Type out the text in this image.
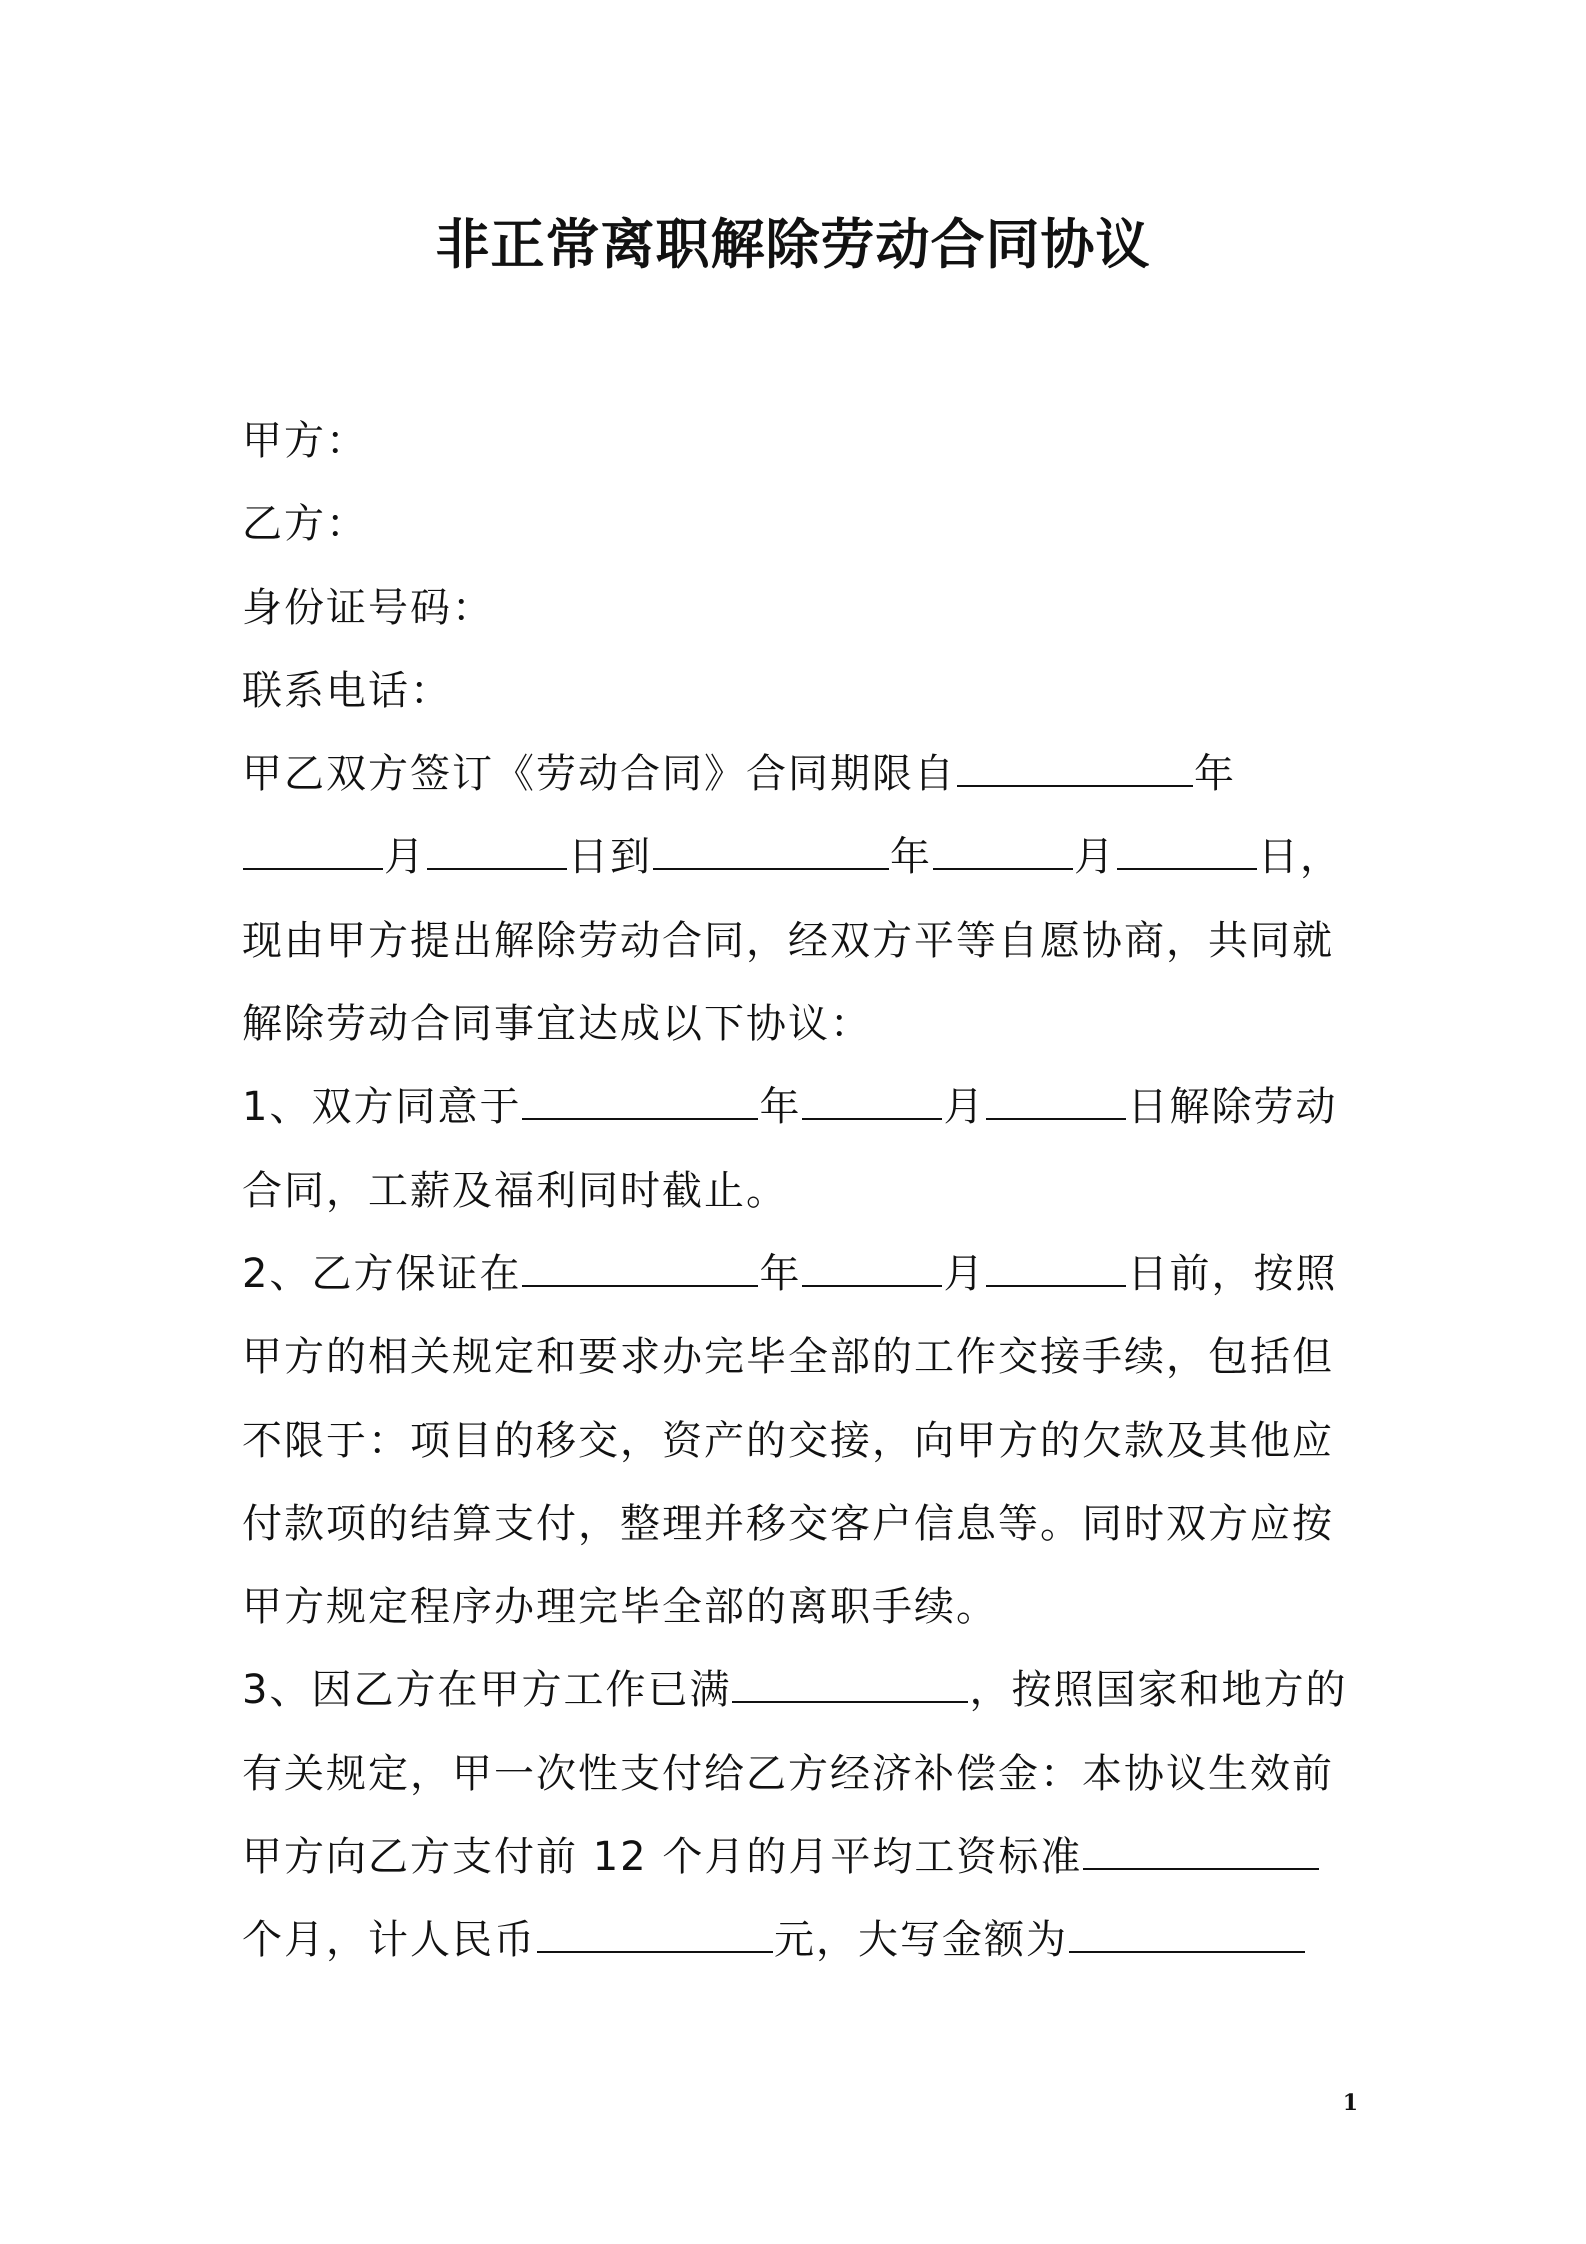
非正常离职解除劳动合同协议
甲方：
乙方：
身份证号码：
联系电话：
甲乙双方签订《劳动合同》合同期限自	年
月	日到	年	月	日，
现由甲方提出解除劳动合同，经双方平等自愿协商，共同就
解除劳动合同事宜达成以下协议：
1、双方同意于	年	月	日解除劳动
合同，工薪及福利同时截止。
2、乙方保证在	年	月	日前，按照
甲方的相关规定和要求办完毕全部的工作交接手续，包括但
不限于：项目的移交，资产的交接，向甲方的欠款及其他应
付款项的结算支付，整理并移交客户信息等。同时双方应按
甲方规定程序办理完毕全部的离职手续。
3、因乙方在甲方工作已满	，按照国家和地方的
有关规定，甲一次性支付给乙方经济补偿金：本协议生效前
甲方向乙方支付前 12 个月的月平均工资标准
个月，计人民币	元，大写金额为
1
